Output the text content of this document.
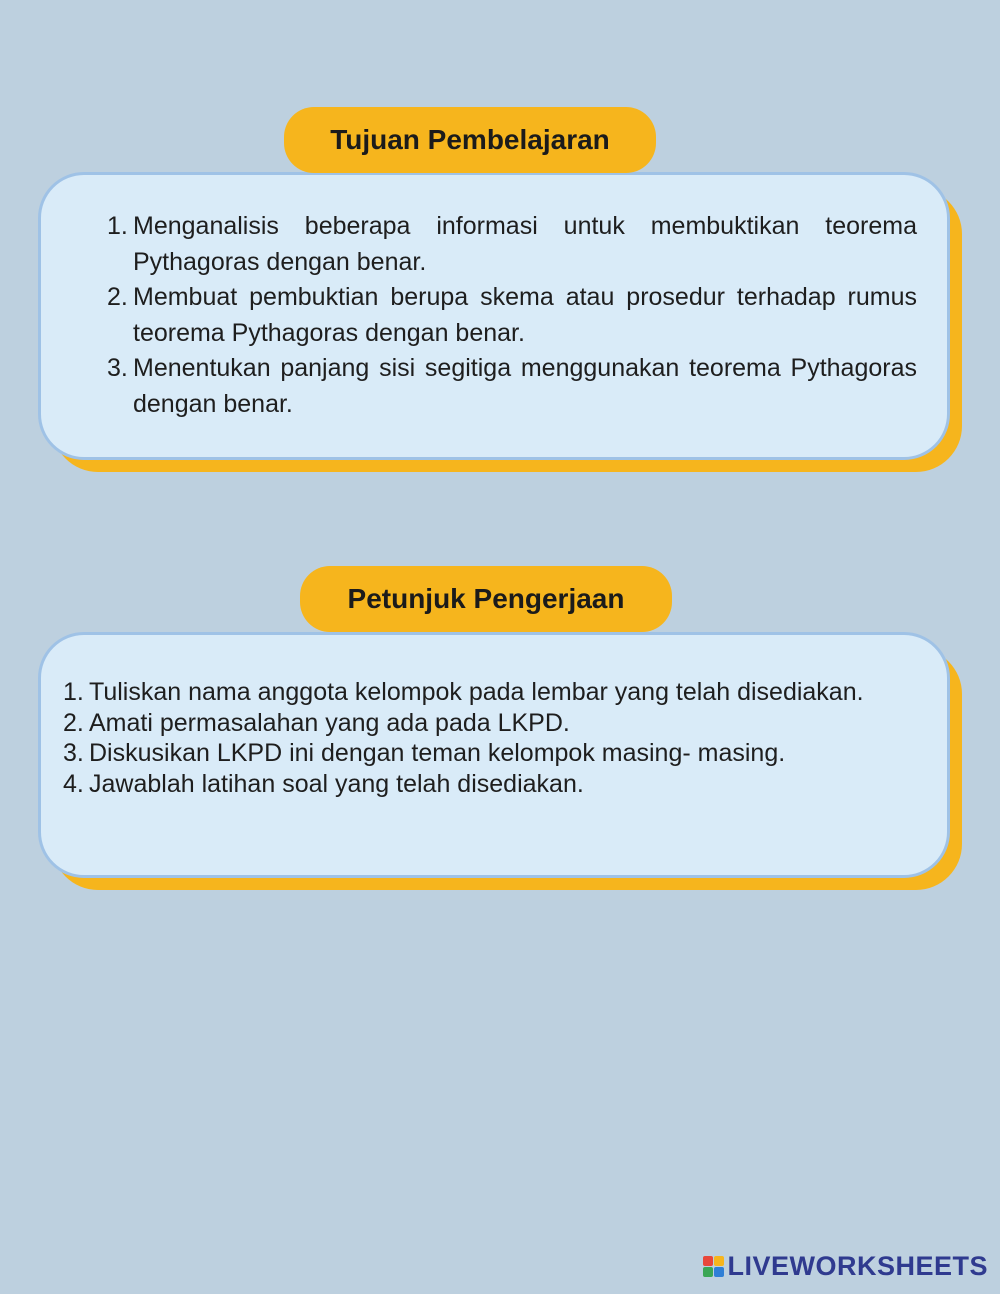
1. Menganalisis beberapa informasi untuk membuktikan teorema Pythagoras dengan benar.
2. Membuat pembuktian berupa skema atau prosedur terhadap rumus teorema Pythagoras dengan benar.
3. Menentukan panjang sisi segitiga menggunakan teorema Pythagoras dengan benar.
Tujuan Pembelajaran
1. Tuliskan nama anggota kelompok pada lembar yang telah disediakan.
2. Amati permasalahan yang ada pada LKPD.
3. Diskusikan LKPD ini dengan teman kelompok masing- masing.
4. Jawablah latihan soal yang telah disediakan.
Petunjuk Pengerjaan
LIVEWORKSHEETS
